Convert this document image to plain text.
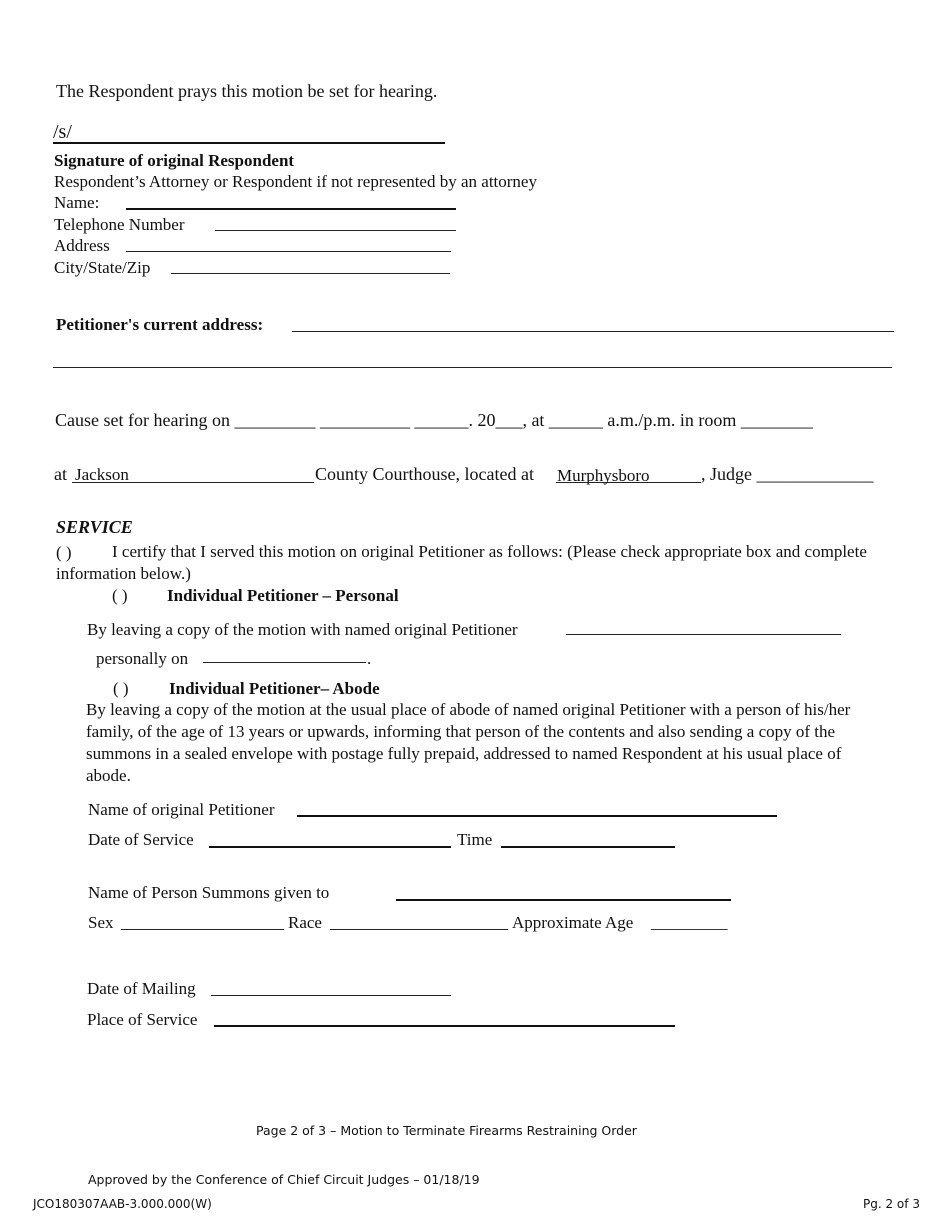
The Respondent prays this motion be set for hearing.
/s/
Signature of original Respondent
Respondent’s Attorney or Respondent if not represented by an attorney
Name:
Telephone Number
Address
City/State/Zip
Petitioner's current address:
Cause set for hearing on _________ __________ ______. 20___, at ______ a.m./p.m. in room ________
at Jackson	County Courthouse, located at Murphysboro	, Judge _____________
SERVICE
( )	I certify that I served this motion on original Petitioner as follows: (Please check appropriate box and complete information below.)
( ) Individual Petitioner – Personal
By leaving a copy of the motion with named original Petitioner
personally on	.
( ) Individual Petitioner– Abode
By leaving a copy of the motion at the usual place of abode of named original Petitioner with a person of his/her family, of the age of 13 years or upwards, informing that person of the contents and also sending a copy of the summons in a sealed envelope with postage fully prepaid, addressed to named Respondent at his usual place of abode.
Name of original Petitioner
Date of Service	Time
Name of Person Summons given to
Sex	Race	Approximate Age _________
Date of Mailing
Place of Service
Page 2 of 3 – Motion to Terminate Firearms Restraining Order
Approved by the Conference of Chief Circuit Judges – 01/18/19
JCO180307AAB-3.000.000(W)	Pg. 2 of 3
